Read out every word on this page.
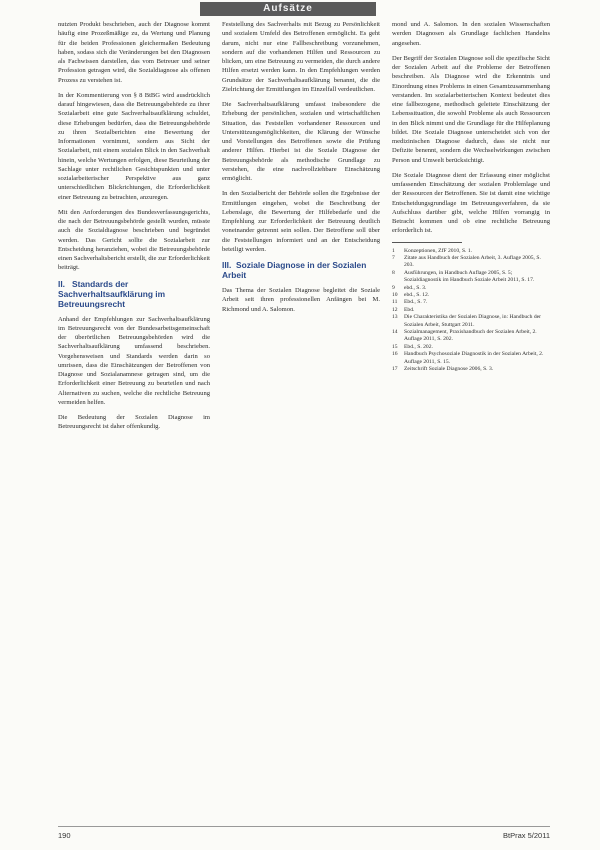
Aufsätze

nutzten Produkt beschrieben, auch der Diagnose kommt häufig eine Prozeßmäßige zu, da Wertung und Planung für die beiden Professionen gleichermaßen Bedeutung haben, sodass sich die Veränderungen bei den Diagnosen als Fachwissen darstellen, das vom Betreuer und seiner Profession getragen wird, die Sozialdiagnose als offenen Prozess zu verstehen ist.

In der Kommentierung von § 8 BtBG wird ausdrücklich darauf hingewiesen, dass die Betreuungsbehörde zu ihrer Sozialarbeit eine gute Sachverhaltsaufklärung schuldet, diese Erhebungen bedürfen, dass die Betreuungsbehörde zu ihren Sozialberichten eine Bewertung der Informationen vornimmt, sondern aus Sicht der Sozialarbeit, mit einem sozialen Blick in den Sachverhalt hinein, welche Wertungen erfolgen, diese Beurteilung der Sachlage unter rechtlichen Gesichtspunkten und unter sozialarbeiterischer Perspektive aus ganz unterschiedlichen Blickrichtungen, die Erforderlichkeit einer Betreuung zu betrachten, anzuregen.

Mit den Anforderungen des Bundesverfassungsgerichts, die nach der Betreuungsbehörde gestellt wurden, müsste auch die Sozialdiagnose beschrieben und begründet werden. Das Gericht sollte die Sozialarbeit zur Entscheidung heranziehen, wobei die Betreuungsbehörde einen Sachverhaltsbericht erstellt, die zur Erforderlichkeit beiträgt.

II. Standards der Sachverhaltsaufklärung im Betreuungsrecht

Anhand der Empfehlungen zur Sachverhaltsaufklärung im Betreuungsrecht von der Bundesarbeitsgemeinschaft der überörtlichen Betreuungsbehörden wird die Sachverhaltsaufklärung umfassend beschrieben. Vorgehensweisen und Standards werden darin so umrissen, dass die Einschätzungen der Betroffenen von Diagnose und Sozialanamnese getragen sind, um die Erforderlichkeit einer Betreuung zu beurteilen und nach Alternativen zu suchen, welche die rechtliche Betreuung vermeiden helfen.

Die Bedeutung der Sozialen Diagnose im Betreuungsrecht ist daher offenkundig.

Feststellung des Sachverhalts mit Bezug zu Persönlichkeit und sozialem Umfeld des Betroffenen ermöglicht. Es geht darum, nicht nur eine Fallbeschreibung vorzunehmen, sondern auf die vorhandenen Hilfen und Ressourcen zu blicken, um eine Betreuung zu vermeiden, die durch andere Hilfen ersetzt werden kann. In den Empfehlungen werden Grundsätze der Sachverhaltsaufklärung benannt, die die Zielrichtung der Ermittlungen im Einzelfall verdeutlichen.

Die Sachverhaltsaufklärung umfasst insbesondere die Erhebung der persönlichen, sozialen und wirtschaftlichen Situation, das Feststellen vorhandener Ressourcen und Unterstützungsmöglichkeiten, die Klärung der Wünsche und Vorstellungen des Betroffenen sowie die Prüfung anderer Hilfen. Hierbei ist die Soziale Diagnose der Betreuungsbehörde als methodische Grundlage zu verstehen, die eine nachvollziehbare Einschätzung ermöglicht.

In den Sozialbericht der Behörde sollen die Ergebnisse der Ermittlungen eingehen, wobei die Beschreibung der Lebenslage, die Bewertung der Hilfebedarfe und die Empfehlung zur Erforderlichkeit der Betreuung deutlich voneinander getrennt sein sollen. Der Betroffene soll über die Feststellungen informiert und an der Entscheidung beteiligt werden.

III. Soziale Diagnose in der Sozialen Arbeit

Das Thema der Sozialen Diagnose begleitet die Soziale Arbeit seit ihren professionellen Anfängen bei M. Richmond und A. Salomon.

mond und A. Salomon. In den sozialen Wissenschaften werden Diagnosen als Grundlage fachlichen Handelns angesehen.

Der Begriff der Sozialen Diagnose soll die spezifische Sicht der Sozialen Arbeit auf die Probleme der Betroffenen beschreiben. Als Diagnose wird die Erkenntnis und Einordnung eines Problems in einen Gesamtzusammenhang verstanden. Im sozialarbeiterischen Kontext bedeutet dies eine fallbezogene, methodisch geleitete Einschätzung der Lebenssituation, die sowohl Probleme als auch Ressourcen in den Blick nimmt und die Grundlage für die Hilfeplanung bildet. Die Soziale Diagnose unterscheidet sich von der medizinischen Diagnose dadurch, dass sie nicht nur Defizite benennt, sondern die Wechselwirkungen zwischen Person und Umwelt berücksichtigt.

Die Soziale Diagnose dient der Erfassung einer möglichst umfassenden Einschätzung der sozialen Problemlage und der Ressourcen der Betroffenen. Sie ist damit eine wichtige Entscheidungsgrundlage im Betreuungsverfahren, da sie Aufschluss darüber gibt, welche Hilfen vorrangig in Betracht kommen und ob eine rechtliche Betreuung erforderlich ist.

1	Konzeptionen, ZfF 2010, S. 1.
7	Zitate aus Handbuch der Sozialen Arbeit, 3. Auflage 2005, S. 203.
8	Ausführungen, in Handbuch Auflage 2005, S. 5; Sozialdiagnostik im Handbuch Soziale Arbeit 2011, S. 17.
9	ebd., S. 3.
10	ebd., S. 12.
11	Ebd., S. 7.
12	Ebd.
13	Die Charakteristika der Sozialen Diagnose, in: Handbuch der Sozialen Arbeit, Stuttgart 2011.
14	Sozialmanagement, Praxishandbuch der Sozialen Arbeit, 2. Auflage 2011, S. 202.
15	Ebd., S. 202.
16	Handbuch Psychosoziale Diagnostik in der Sozialen Arbeit, 2. Auflage 2011, S. 15.
17	Zeitschrift Soziale Diagnose 2006, S. 3.
190	BtPrax 5/2011
